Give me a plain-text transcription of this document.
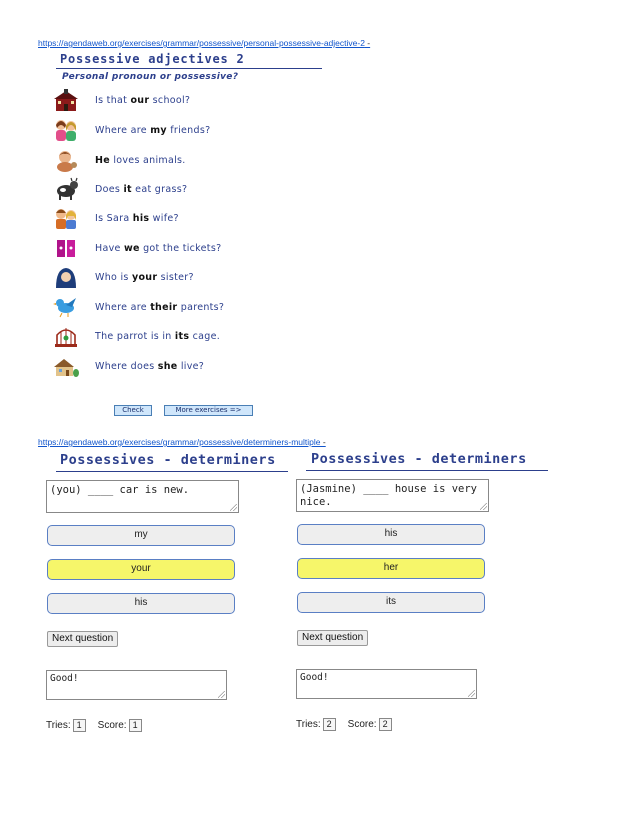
https://agendaweb.org/exercises/grammar/possessive/personal-possessive-adjective-2 -
Possessive adjectives 2
Personal pronoun or possessive?
Is that our school?
Where are my friends?
He loves animals.
Does it eat grass?
Is Sara his wife?
Have we got the tickets?
Who is your sister?
Where are their parents?
The parrot is in its cage.
Where does she live?
Check	More exercises =>
https://agendaweb.org/exercises/grammar/possessive/determiners-multiple -
Possessives - determiners
(you) ____ car is new.
my
your
his
Next question
Good!
Tries: 1 Score: 1
Possessives - determiners
(Jasmine) ____ house is very nice.
his
her
its
Next question
Good!
Tries: 2 Score: 2
